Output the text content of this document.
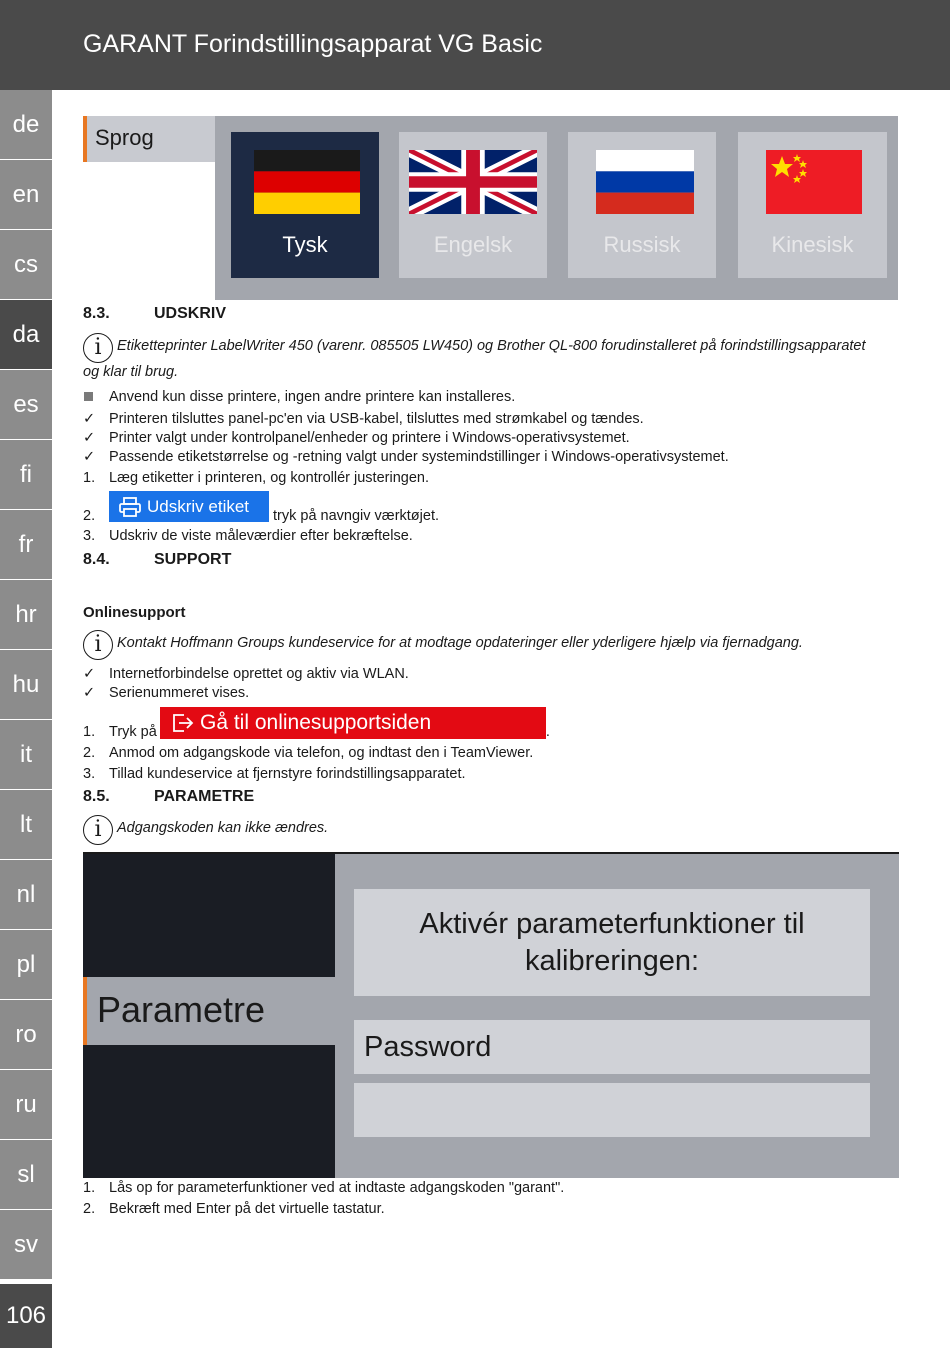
GARANT Forindstillingsapparat VG Basic
de
en
cs
da
es
fi
fr
hr
hu
it
lt
nl
pl
ro
ru
sl
sv
106
Sprog
Tysk	Engelsk	Russisk	Kinesisk
8.3.	UDSKRIV
i Etiketteprinter LabelWriter 450 (varenr. 085505 LW450) og Brother QL-800 forudinstalleret på forindstillingsapparatet og klar til brug.
Anvend kun disse printere, ingen andre printere kan installeres.
✓ Printeren tilsluttes panel-pc'en via USB-kabel, tilsluttes med strømkabel og tændes.
✓ Printer valgt under kontrolpanel/enheder og printere i Windows-operativsystemet.
✓ Passende etiketstørrelse og -retning valgt under systemindstillinger i Windows-operativsystemet.
1. Læg etiketter i printeren, og kontrollér justeringen.
Udskriv etiket
2.	tryk på navngiv værktøjet.
3. Udskriv de viste måleværdier efter bekræftelse.
8.4.	SUPPORT
Onlinesupport
i Kontakt Hoffmann Groups kundeservice for at modtage opdateringer eller yderligere hjælp via fjernadgang.
✓ Internetforbindelse oprettet og aktiv via WLAN.
✓ Serienummeret vises.
Gå til onlinesupportsiden
1. Tryk på	.
2. Anmod om adgangskode via telefon, og indtast den i TeamViewer.
3. Tillad kundeservice at fjernstyre forindstillingsapparatet.
8.5.	PARAMETRE
i Adgangskoden kan ikke ændres.
Parametre
Aktivér parameterfunktioner til kalibreringen:
Password
1. Lås op for parameterfunktioner ved at indtaste adgangskoden "garant".
2. Bekræft med Enter på det virtuelle tastatur.
